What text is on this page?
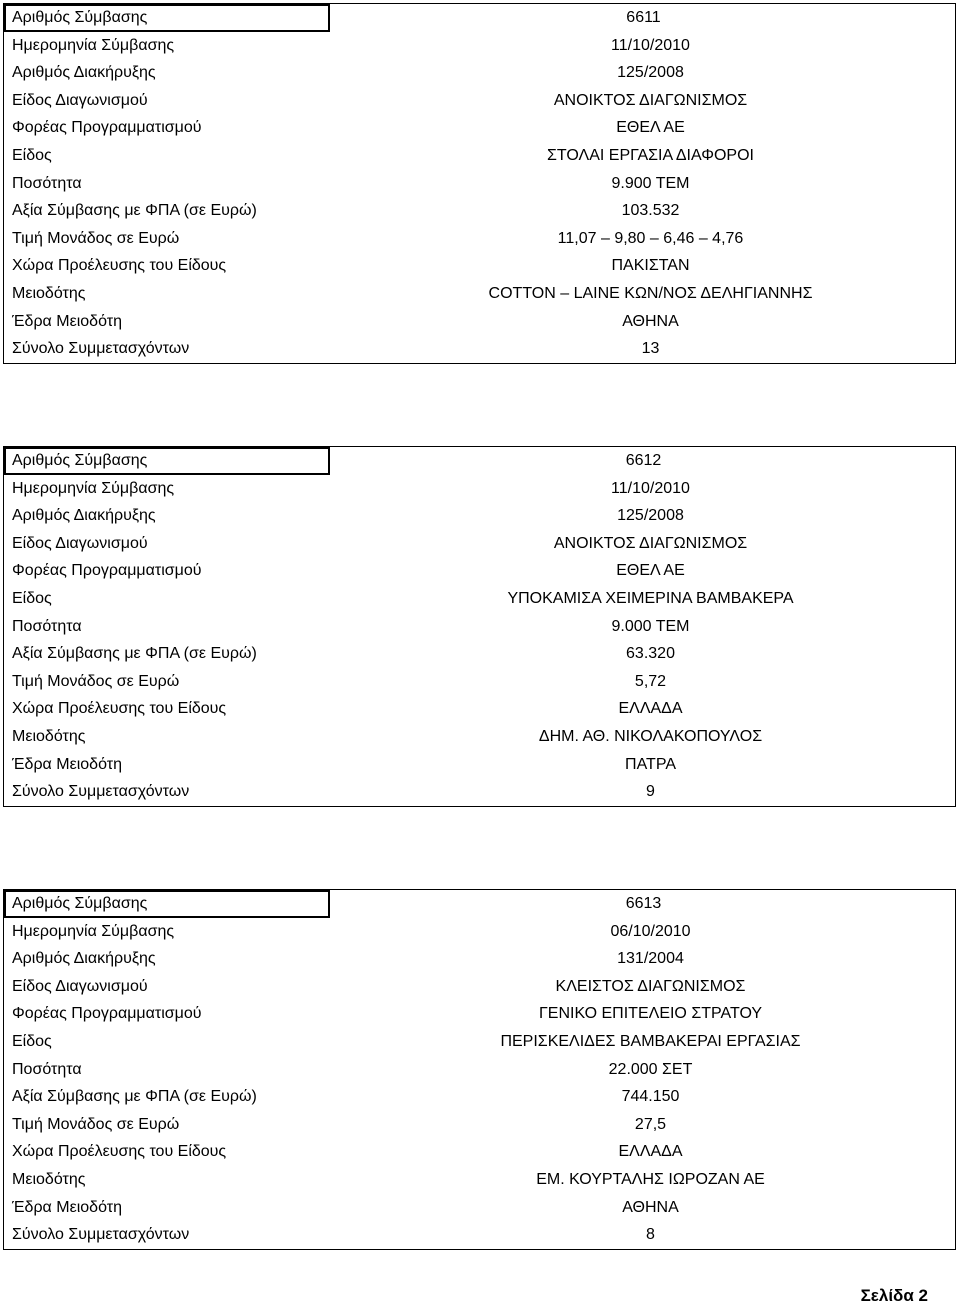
Αριθμός Σύμβασης	6611
Ημερομηνία Σύμβασης	11/10/2010
Αριθμός Διακήρυξης	125/2008
Είδος Διαγωνισμού	ΑΝΟΙΚΤΟΣ ΔΙΑΓΩΝΙΣΜΟΣ
Φορέας Προγραμματισμού	ΕΘΕΛ ΑΕ
Είδος	ΣΤΟΛΑΙ ΕΡΓΑΣΙΑ ΔΙΑΦΟΡΟΙ
Ποσότητα	9.900 ΤΕΜ
Αξία Σύμβασης με ΦΠΑ (σε Ευρώ)	103.532
Τιμή Μονάδος σε Ευρώ	11,07 – 9,80 – 6,46 – 4,76
Χώρα Προέλευσης του Είδους	ΠΑΚΙΣΤΑΝ
Μειοδότης	COTTON – LAINE ΚΩΝ/ΝΟΣ ΔΕΛΗΓΙΑΝΝΗΣ
Έδρα Μειοδότη	ΑΘΗΝΑ
Σύνολο Συμμετασχόντων	13
Αριθμός Σύμβασης	6612
Ημερομηνία Σύμβασης	11/10/2010
Αριθμός Διακήρυξης	125/2008
Είδος Διαγωνισμού	ΑΝΟΙΚΤΟΣ ΔΙΑΓΩΝΙΣΜΟΣ
Φορέας Προγραμματισμού	ΕΘΕΛ ΑΕ
Είδος	ΥΠΟΚΑΜΙΣΑ ΧΕΙΜΕΡΙΝΑ ΒΑΜΒΑΚΕΡΑ
Ποσότητα	9.000 ΤΕΜ
Αξία Σύμβασης με ΦΠΑ (σε Ευρώ)	63.320
Τιμή Μονάδος σε Ευρώ	5,72
Χώρα Προέλευσης του Είδους	ΕΛΛΑΔΑ
Μειοδότης	ΔΗΜ. ΑΘ. ΝΙΚΟΛΑΚΟΠΟΥΛΟΣ
Έδρα Μειοδότη	ΠΑΤΡΑ
Σύνολο Συμμετασχόντων	9
Αριθμός Σύμβασης	6613
Ημερομηνία Σύμβασης	06/10/2010
Αριθμός Διακήρυξης	131/2004
Είδος Διαγωνισμού	ΚΛΕΙΣΤΟΣ ΔΙΑΓΩΝΙΣΜΟΣ
Φορέας Προγραμματισμού	ΓΕΝΙΚΟ ΕΠΙΤΕΛΕΙΟ ΣΤΡΑΤΟΥ
Είδος	ΠΕΡΙΣΚΕΛΙΔΕΣ ΒΑΜΒΑΚΕΡΑΙ ΕΡΓΑΣΙΑΣ
Ποσότητα	22.000 ΣΕΤ
Αξία Σύμβασης με ΦΠΑ (σε Ευρώ)	744.150
Τιμή Μονάδος σε Ευρώ	27,5
Χώρα Προέλευσης του Είδους	ΕΛΛΑΔΑ
Μειοδότης	ΕΜ. ΚΟΥΡΤΑΛΗΣ ΙΩΡΟΖΑΝ ΑΕ
Έδρα Μειοδότη	ΑΘΗΝΑ
Σύνολο Συμμετασχόντων	8
Σελίδα 2
